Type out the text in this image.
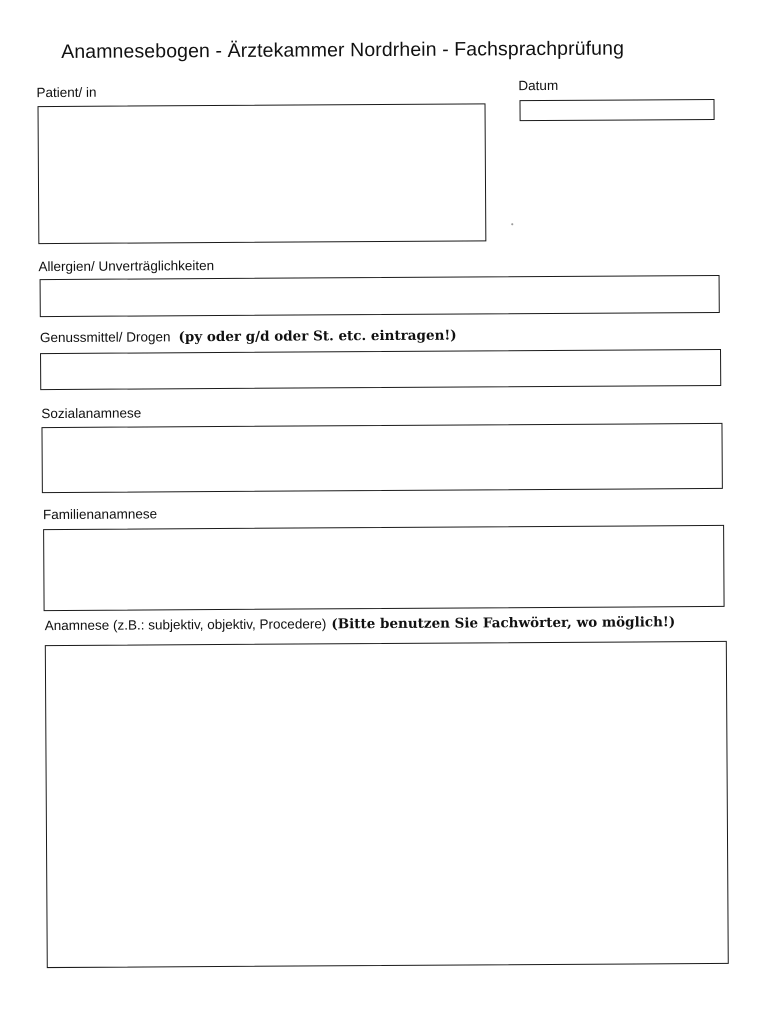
Anamnesebogen - Ärztekammer Nordrhein - Fachsprachprüfung
Patient/ in	Datum
Allergien/ Unverträglichkeiten
Genussmittel/ Drogen (py oder g/d oder St. etc. eintragen!)
Sozialanamnese
Familienanamnese
Anamnese (z.B.: subjektiv, objektiv, Procedere) (Bitte benutzen Sie Fachwörter, wo möglich!)
